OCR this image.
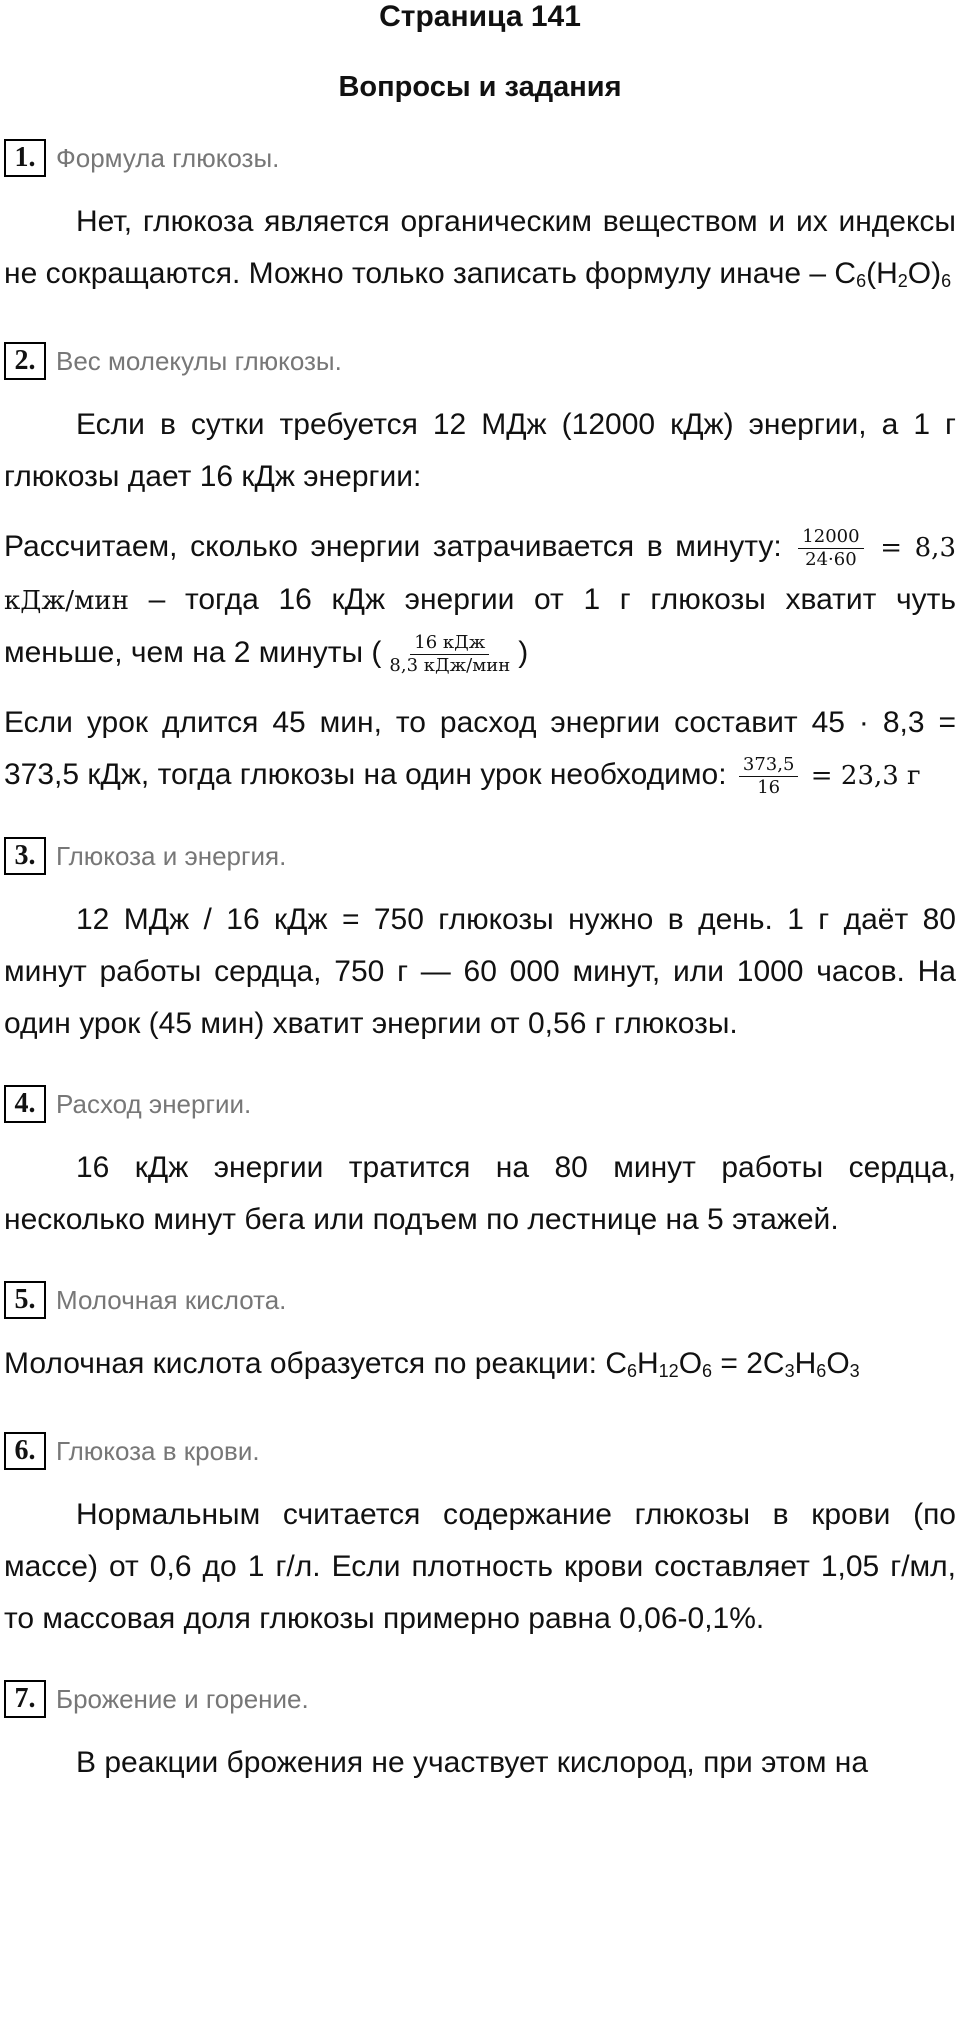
Страница 141
Вопросы и задания
1. Формула глюкозы.

Нет, глюкоза является органическим веществом и их индексы не сокращаются. Можно только записать формулу иначе – $C_6(H_2O)_6$

2. Вес молекулы глюкозы.

Если в сутки требуется 12 МДж (12000 кДж) энергии, а 1 г глюкозы дает 16 кДж энергии:

Рассчитаем, сколько энергии затрачивается в минуту: $\frac{12000}{24\cdot 60} = 8,3$ кДж/мин – тогда 16 кДж энергии от 1 г глюкозы хватит чуть меньше, чем на 2 минуты ( $\frac{\text{16 кДж}}{\text{8,3 кДж/мин}}$ )

Если урок длится 45 мин, то расход энергии составит 45 · 8,3 = 373,5 кДж, тогда глюкозы на один урок необходимо: $\frac{373,5}{16} = 23,3$ г

3. Глюкоза и энергия.

12 МДж / 16 кДж = 750 глюкозы нужно в день. 1 г даёт 80 минут работы сердца, 750 г — 60 000 минут, или 1000 часов. На один урок (45 мин) хватит энергии от 0,56 г глюкозы.

4. Расход энергии.

16 кДж энергии тратится на 80 минут работы сердца, несколько минут бега или подъем по лестнице на 5 этажей.

5. Молочная кислота.

Молочная кислота образуется по реакции: $C_6H_{12}O_6 = 2C_3H_6O_3$

6. Глюкоза в крови.

Нормальным считается содержание глюкозы в крови (по массе) от 0,6 до 1 г/л. Если плотность крови составляет 1,05 г/мл, то массовая доля глюкозы примерно равна 0,06-0,1%.

7. Брожение и горение.

В реакции брожения не участвует кислород, при этом на
